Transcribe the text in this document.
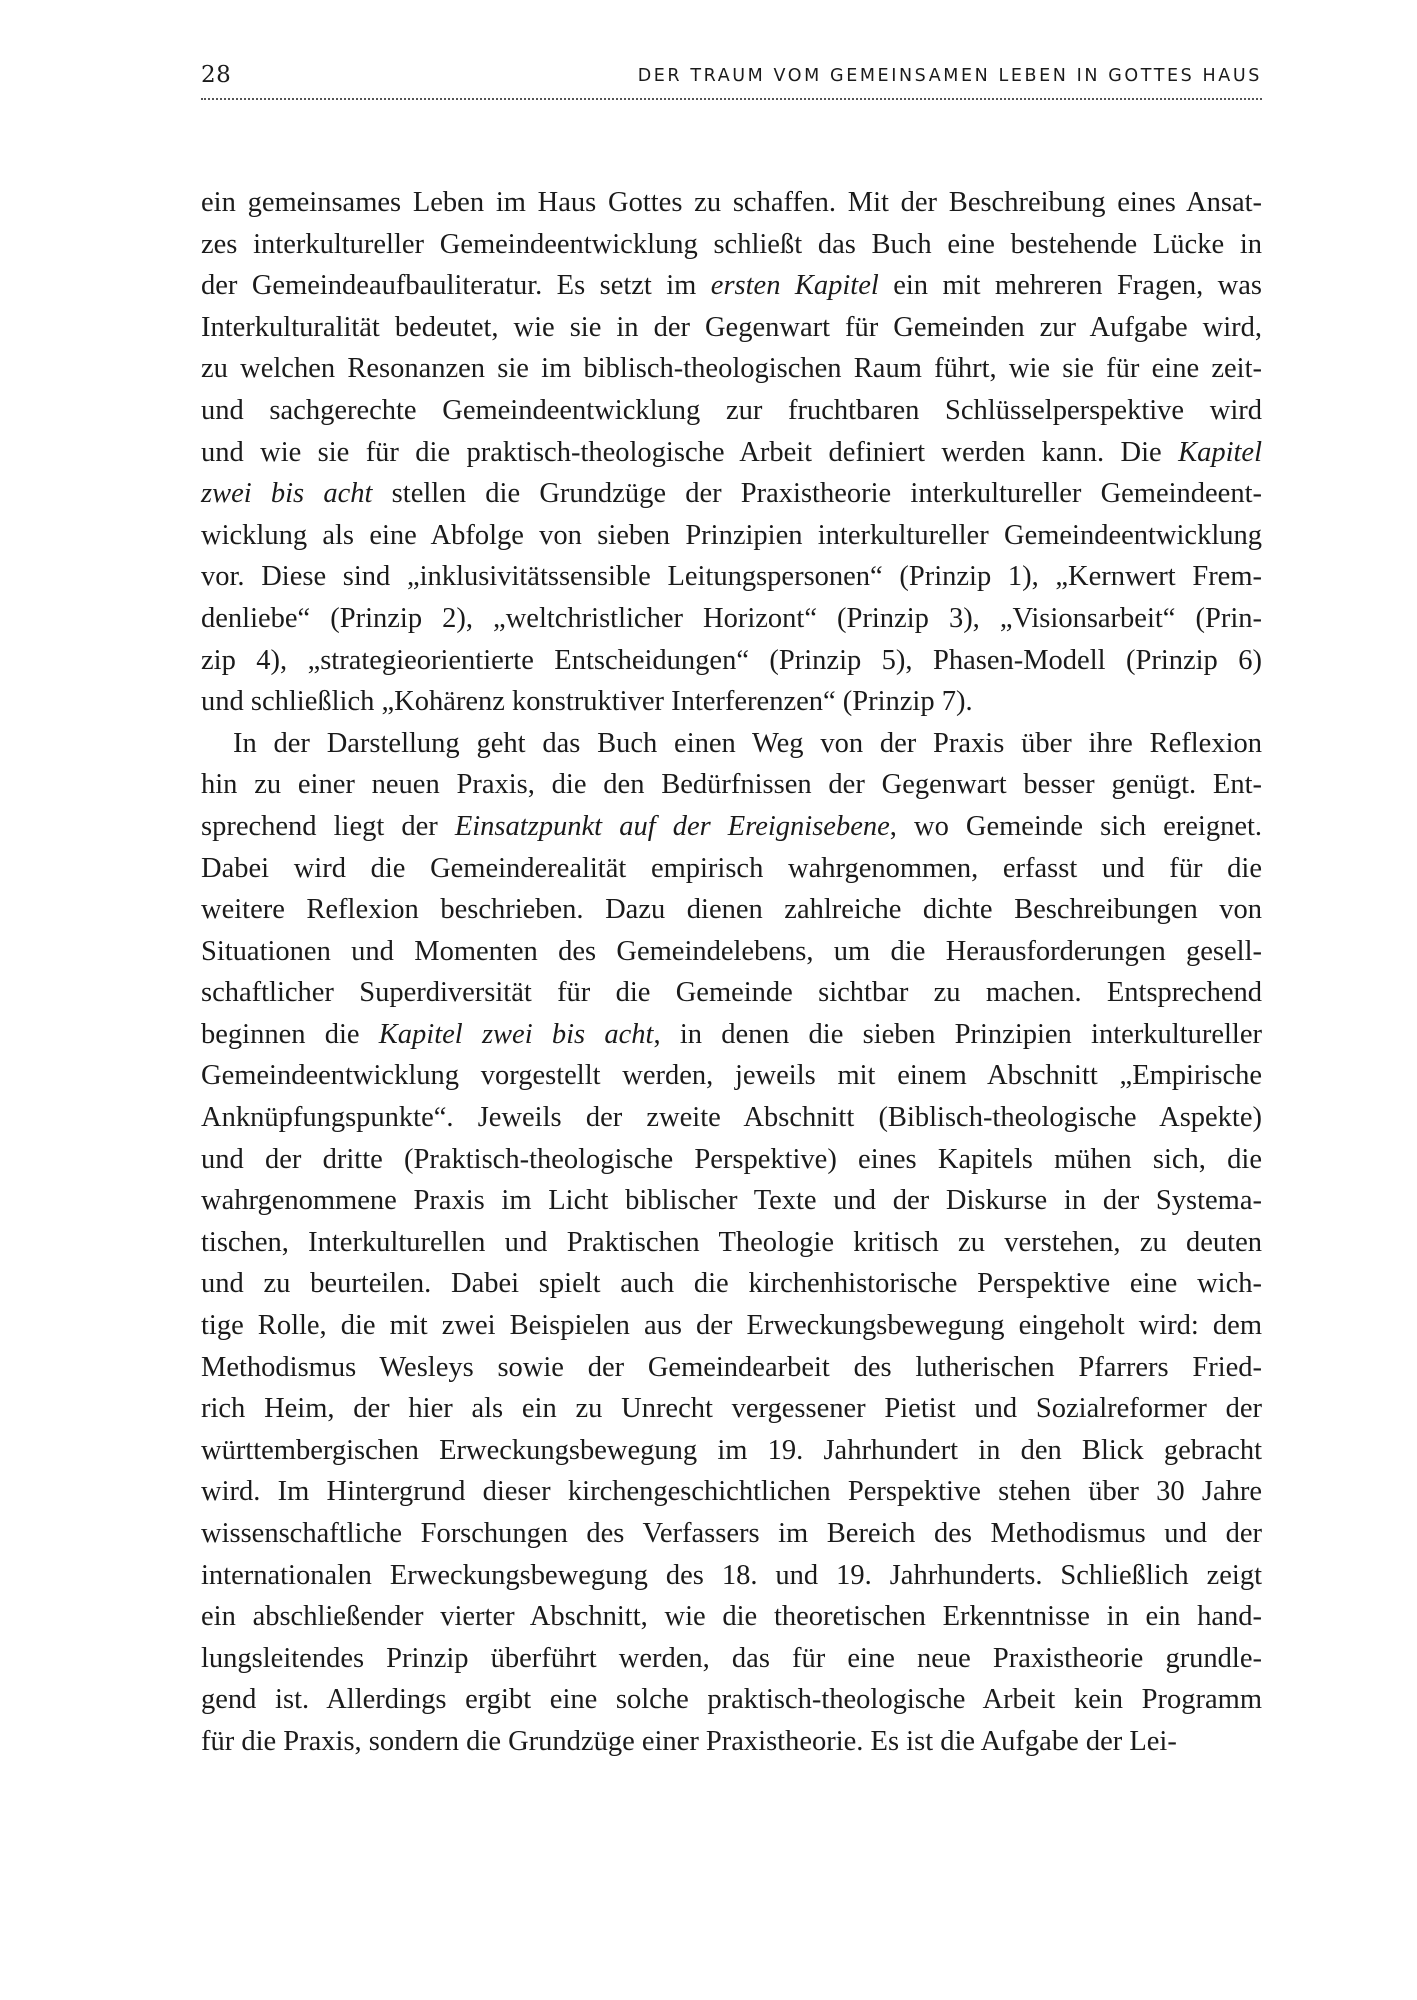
28	DER TRAUM VOM GEMEINSAMEN LEBEN IN GOTTES HAUS
ein gemeinsames Leben im Haus Gottes zu schaffen. Mit der Beschreibung eines Ansat-
zes interkultureller Gemeindeentwicklung schließt das Buch eine bestehende Lücke in
der Gemeindeaufbauliteratur. Es setzt im ersten Kapitel ein mit mehreren Fragen, was
Interkulturalität bedeutet, wie sie in der Gegenwart für Gemeinden zur Aufgabe wird,
zu welchen Resonanzen sie im biblisch-theologischen Raum führt, wie sie für eine zeit-
und sachgerechte Gemeindeentwicklung zur fruchtbaren Schlüsselperspektive wird
und wie sie für die praktisch-theologische Arbeit definiert werden kann. Die Kapitel
zwei bis acht stellen die Grundzüge der Praxistheorie interkultureller Gemeindeent-
wicklung als eine Abfolge von sieben Prinzipien interkultureller Gemeindeentwicklung
vor. Diese sind „inklusivitätssensible Leitungspersonen“ (Prinzip 1), „Kernwert Frem-
denliebe“ (Prinzip 2), „weltchristlicher Horizont“ (Prinzip 3), „Visionsarbeit“ (Prin-
zip 4), „strategieorientierte Entscheidungen“ (Prinzip 5), Phasen-Modell (Prinzip 6)
und schließlich „Kohärenz konstruktiver Interferenzen“ (Prinzip 7).
In der Darstellung geht das Buch einen Weg von der Praxis über ihre Reflexion
hin zu einer neuen Praxis, die den Bedürfnissen der Gegenwart besser genügt. Ent-
sprechend liegt der Einsatzpunkt auf der Ereignisebene, wo Gemeinde sich ereignet.
Dabei wird die Gemeinderealität empirisch wahrgenommen, erfasst und für die
weitere Reflexion beschrieben. Dazu dienen zahlreiche dichte Beschreibungen von
Situationen und Momenten des Gemeindelebens, um die Herausforderungen gesell-
schaftlicher Superdiversität für die Gemeinde sichtbar zu machen. Entsprechend
beginnen die Kapitel zwei bis acht, in denen die sieben Prinzipien interkultureller
Gemeindeentwicklung vorgestellt werden, jeweils mit einem Abschnitt „Empirische
Anknüpfungspunkte“. Jeweils der zweite Abschnitt (Biblisch-theologische Aspekte)
und der dritte (Praktisch-theologische Perspektive) eines Kapitels mühen sich, die
wahrgenommene Praxis im Licht biblischer Texte und der Diskurse in der Systema-
tischen, Interkulturellen und Praktischen Theologie kritisch zu verstehen, zu deuten
und zu beurteilen. Dabei spielt auch die kirchenhistorische Perspektive eine wich-
tige Rolle, die mit zwei Beispielen aus der Erweckungsbewegung eingeholt wird: dem
Methodismus Wesleys sowie der Gemeindearbeit des lutherischen Pfarrers Fried-
rich Heim, der hier als ein zu Unrecht vergessener Pietist und Sozialreformer der
württembergischen Erweckungsbewegung im 19. Jahrhundert in den Blick gebracht
wird. Im Hintergrund dieser kirchengeschichtlichen Perspektive stehen über 30 Jahre
wissenschaftliche Forschungen des Verfassers im Bereich des Methodismus und der
internationalen Erweckungsbewegung des 18. und 19. Jahrhunderts. Schließlich zeigt
ein abschließender vierter Abschnitt, wie die theoretischen Erkenntnisse in ein hand-
lungsleitendes Prinzip überführt werden, das für eine neue Praxistheorie grundle-
gend ist. Allerdings ergibt eine solche praktisch-theologische Arbeit kein Programm
für die Praxis, sondern die Grundzüge einer Praxistheorie. Es ist die Aufgabe der Lei-
